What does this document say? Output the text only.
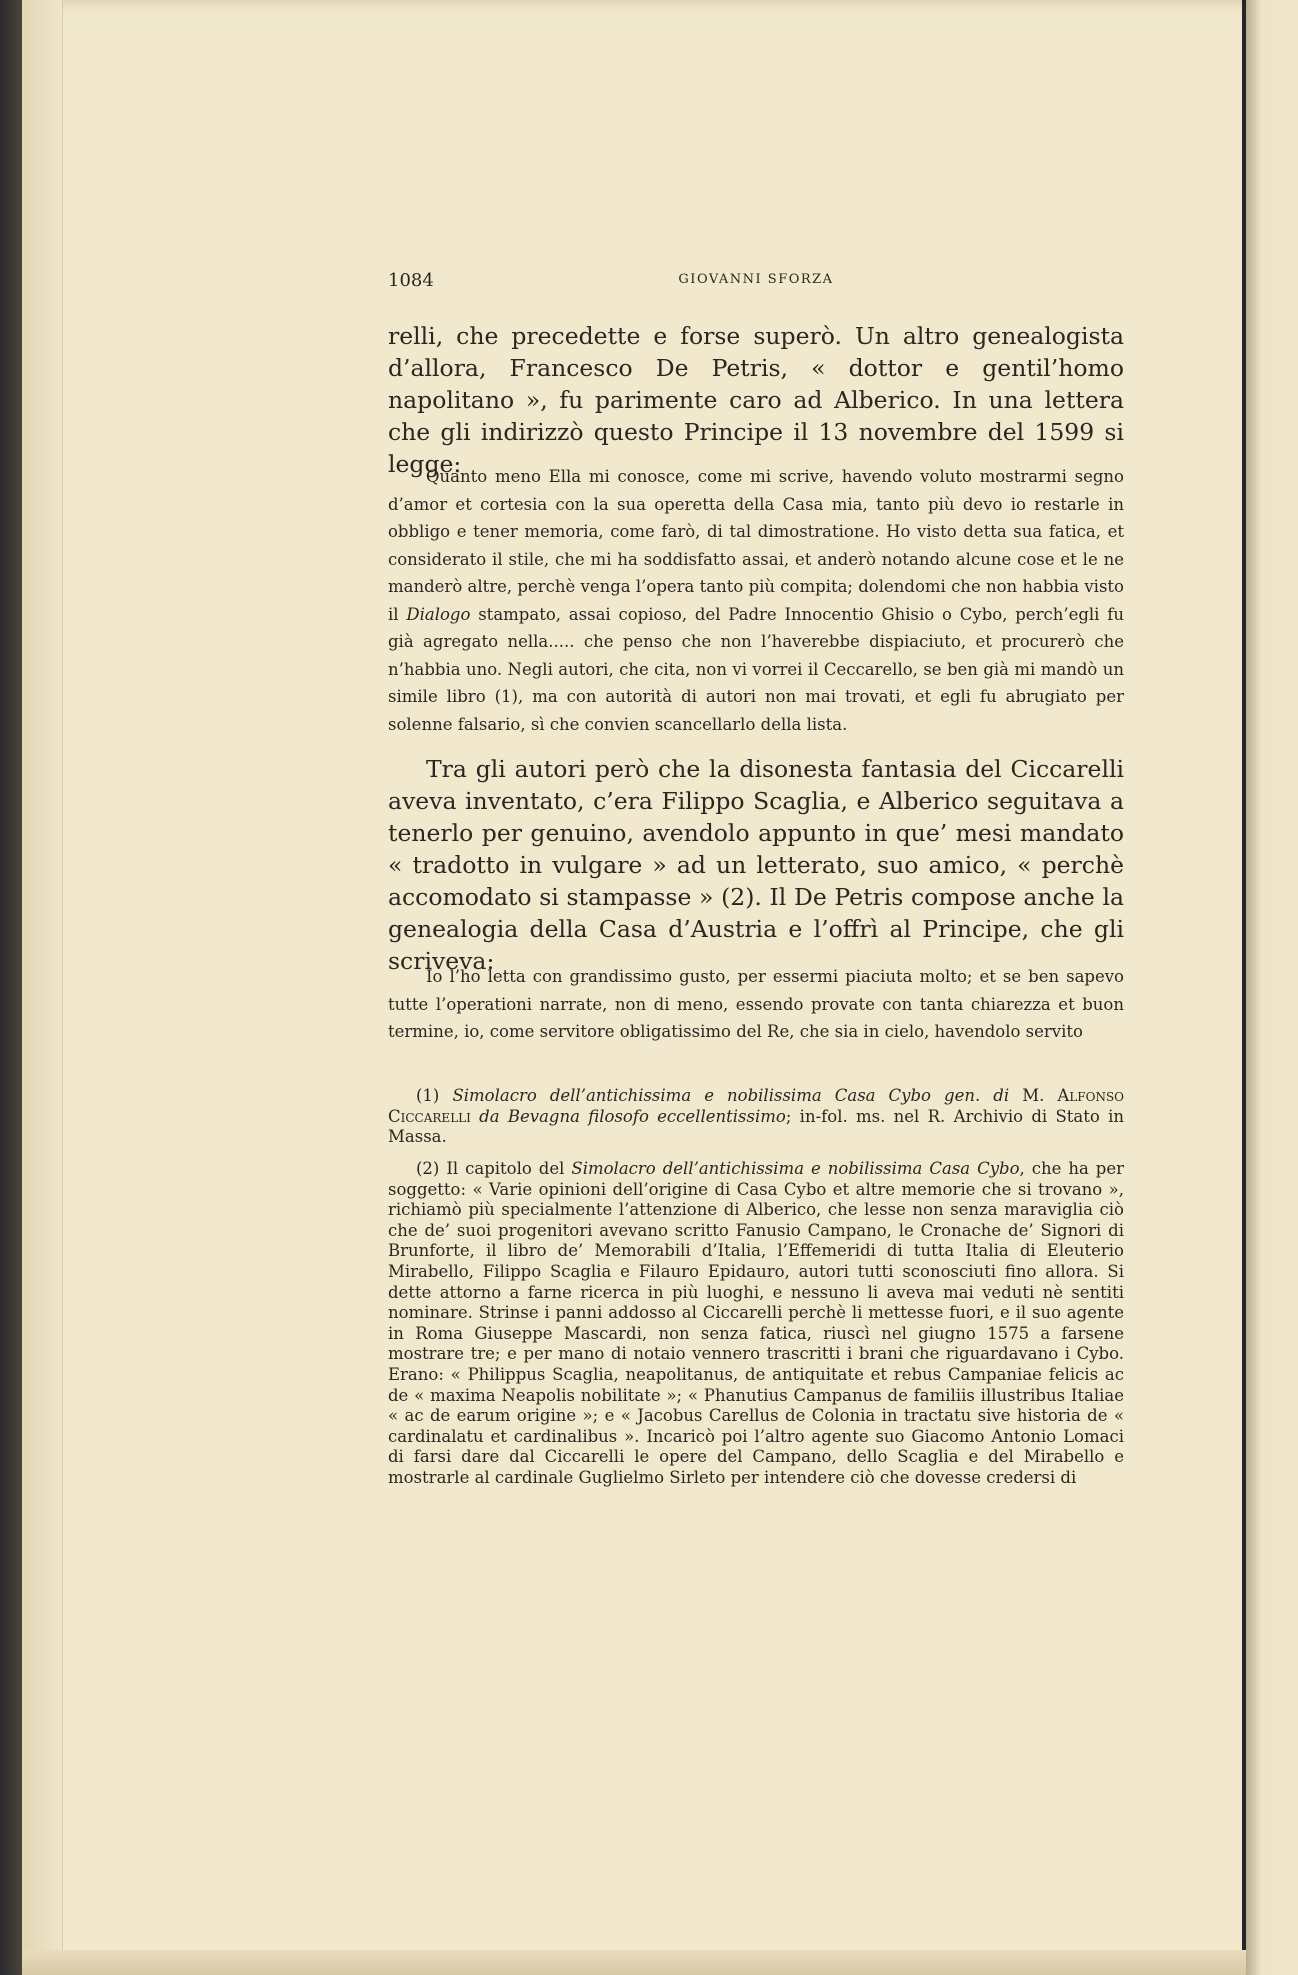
1084	GIOVANNI SFORZA

relli, che precedette e forse superò. Un altro genealogista d’allora, Francesco De Petris, « dottor e gentil’homo napolitano », fu parimente caro ad Alberico. In una lettera che gli indirizzò questo Principe il 13 novembre del 1599 si legge:

Quanto meno Ella mi conosce, come mi scrive, havendo voluto mostrarmi segno d’amor et cortesia con la sua operetta della Casa mia, tanto più devo io restarle in obbligo e tener memoria, come farò, di tal dimostratione. Ho visto detta sua fatica, et considerato il stile, che mi ha soddisfatto assai, et anderò notando alcune cose et le ne manderò altre, perchè venga l’opera tanto più compita; dolendomi che non habbia visto il Dialogo stampato, assai copioso, del Padre Innocentio Ghisio o Cybo, perch’egli fu già agregato nella..... che penso che non l’haverebbe dispiaciuto, et procurerò che n’habbia uno. Negli autori, che cita, non vi vorrei il Ceccarello, se ben già mi mandò un simile libro (1), ma con autorità di autori non mai trovati, et egli fu abrugiato per solenne falsario, sì che convien scancellarlo della lista.

Tra gli autori però che la disonesta fantasia del Ciccarelli aveva inventato, c’era Filippo Scaglia, e Alberico seguitava a tenerlo per genuino, avendolo appunto in que’ mesi mandato « tradotto in vulgare » ad un letterato, suo amico, « perchè accomodato si stampasse » (2). Il De Petris compose anche la genealogia della Casa d’Austria e l’offrì al Principe, che gli scriveva:

Io l’ho letta con grandissimo gusto, per essermi piaciuta molto; et se ben sapevo tutte l’operationi narrate, non di meno, essendo provate con tanta chiarezza et buon termine, io, come servitore obligatissimo del Re, che sia in cielo, havendolo servito

(1) Simolacro dell’antichissima e nobilissima Casa Cybo gen. di M. Alfonso Ciccarelli da Bevagna filosofo eccellentissimo; in-fol. ms. nel R. Archivio di Stato in Massa.

(2) Il capitolo del Simolacro dell’antichissima e nobilissima Casa Cybo, che ha per soggetto: « Varie opinioni dell’origine di Casa Cybo et altre memorie che si trovano », richiamò più specialmente l’attenzione di Alberico, che lesse non senza maraviglia ciò che de’ suoi progenitori avevano scritto Fanusio Campano, le Cronache de’ Signori di Brunforte, il libro de’ Memorabili d’Italia, l’Effemeridi di tutta Italia di Eleuterio Mirabello, Filippo Scaglia e Filauro Epidauro, autori tutti sconosciuti fino allora. Si dette attorno a farne ricerca in più luoghi, e nessuno li aveva mai veduti nè sentiti nominare. Strinse i panni addosso al Ciccarelli perchè li mettesse fuori, e il suo agente in Roma Giuseppe Mascardi, non senza fatica, riuscì nel giugno 1575 a farsene mostrare tre; e per mano di notaio vennero trascritti i brani che riguardavano i Cybo. Erano: « Philippus Scaglia, neapolitanus, de antiquitate et rebus Campaniae felicis ac de « maxima Neapolis nobilitate »; « Phanutius Campanus de familiis illustribus Italiae « ac de earum origine »; e « Jacobus Carellus de Colonia in tractatu sive historia de « cardinalatu et cardinalibus ». Incaricò poi l’altro agente suo Giacomo Antonio Lomaci di farsi dare dal Ciccarelli le opere del Campano, dello Scaglia e del Mirabello e mostrarle al cardinale Guglielmo Sirleto per intendere ciò che dovesse credersi di
